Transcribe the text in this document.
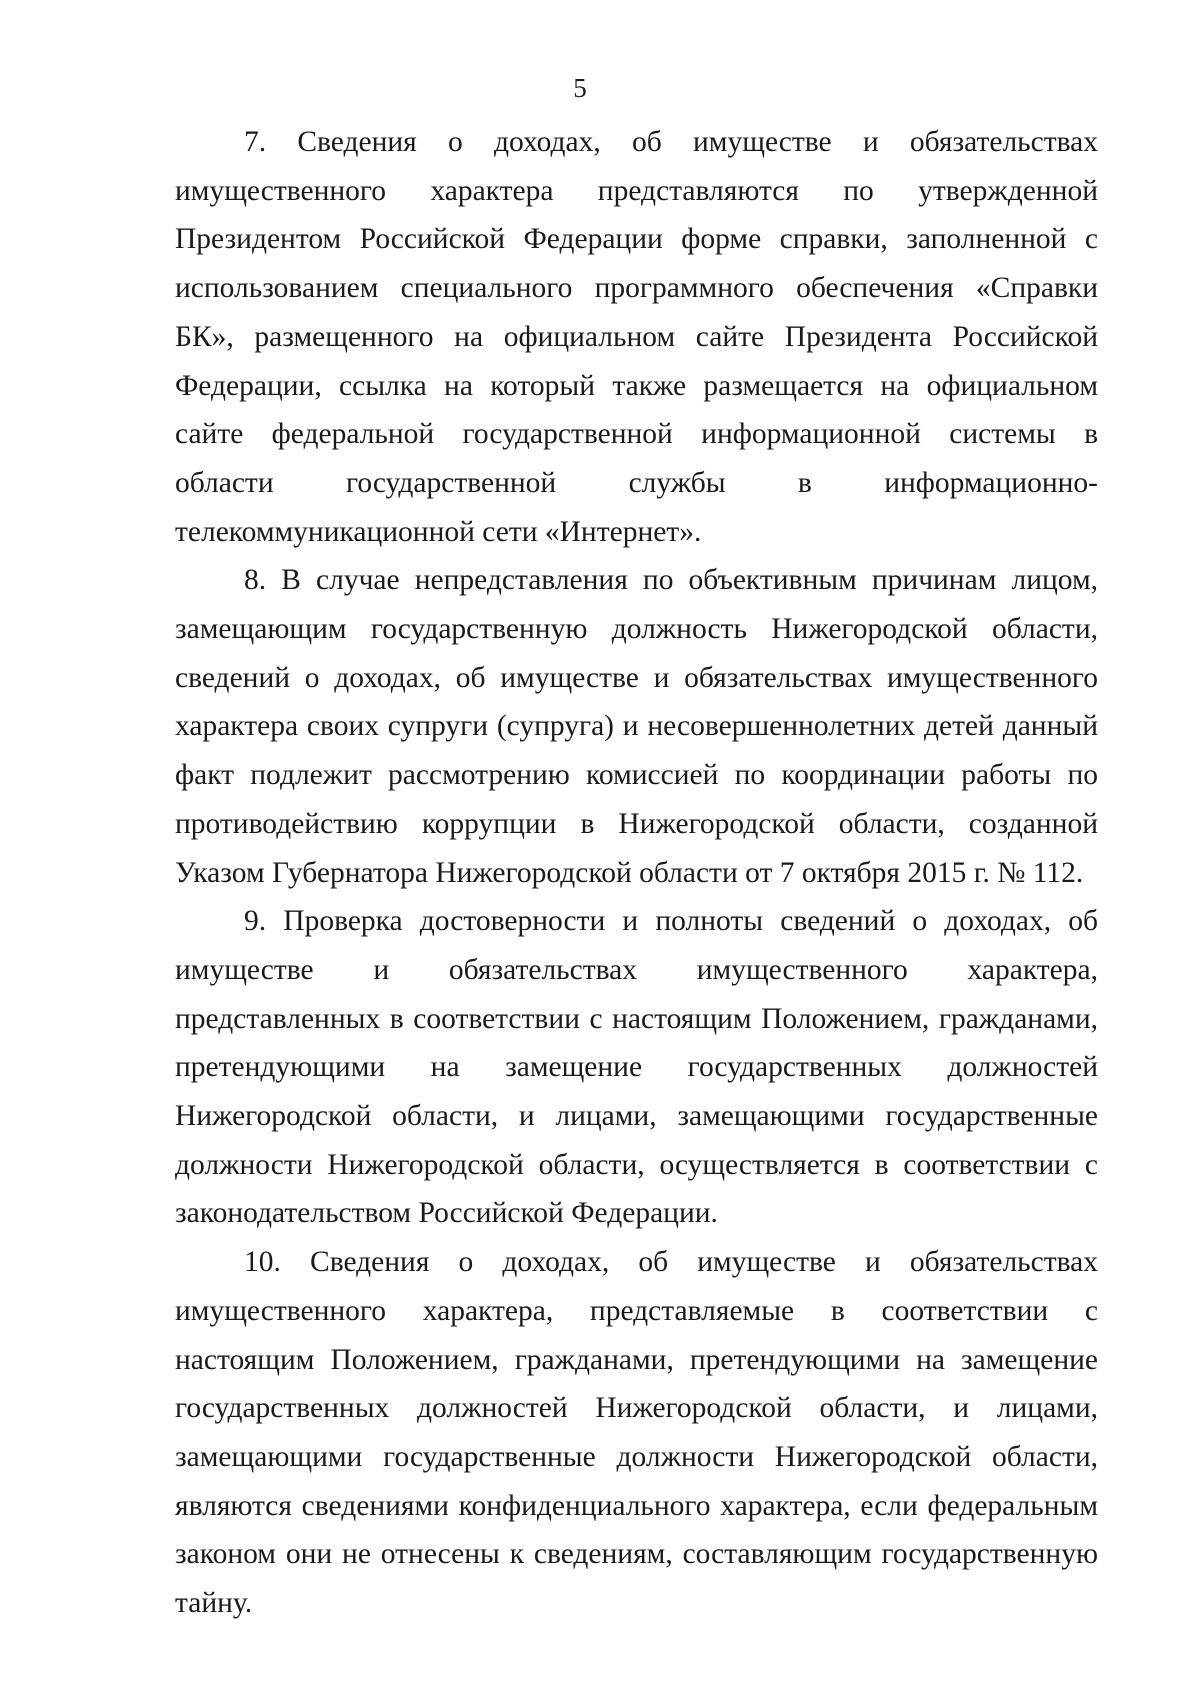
5

7. Сведения о доходах, об имуществе и обязательствах имущественного характера представляются по утвержденной Президентом Российской Федерации форме справки, заполненной с использованием специального программного обеспечения «Справки БК», размещенного на официальном сайте Президента Российской Федерации, ссылка на который также размещается на официальном сайте федеральной государственной информационной системы в области государственной службы в информационно-телекоммуникационной сети «Интернет».

8. В случае непредставления по объективным причинам лицом, замещающим государственную должность Нижегородской области, сведений о доходах, об имуществе и обязательствах имущественного характера своих супруги (супруга) и несовершеннолетних детей данный факт подлежит рассмотрению комиссией по координации работы по противодействию коррупции в Нижегородской области, созданной Указом Губернатора Нижегородской области от 7 октября 2015 г. № 112.

9. Проверка достоверности и полноты сведений о доходах, об имуществе и обязательствах имущественного характера, представленных в соответствии с настоящим Положением, гражданами, претендующими на замещение государственных должностей Нижегородской области, и лицами, замещающими государственные должности Нижегородской области, осуществляется в соответствии с законодательством Российской Федерации.

10. Сведения о доходах, об имуществе и обязательствах имущественного характера, представляемые в соответствии с настоящим Положением, гражданами, претендующими на замещение государственных должностей Нижегородской области, и лицами, замещающими государственные должности Нижегородской области, являются сведениями конфиденциального характера, если федеральным законом они не отнесены к сведениям, составляющим государственную тайну.
